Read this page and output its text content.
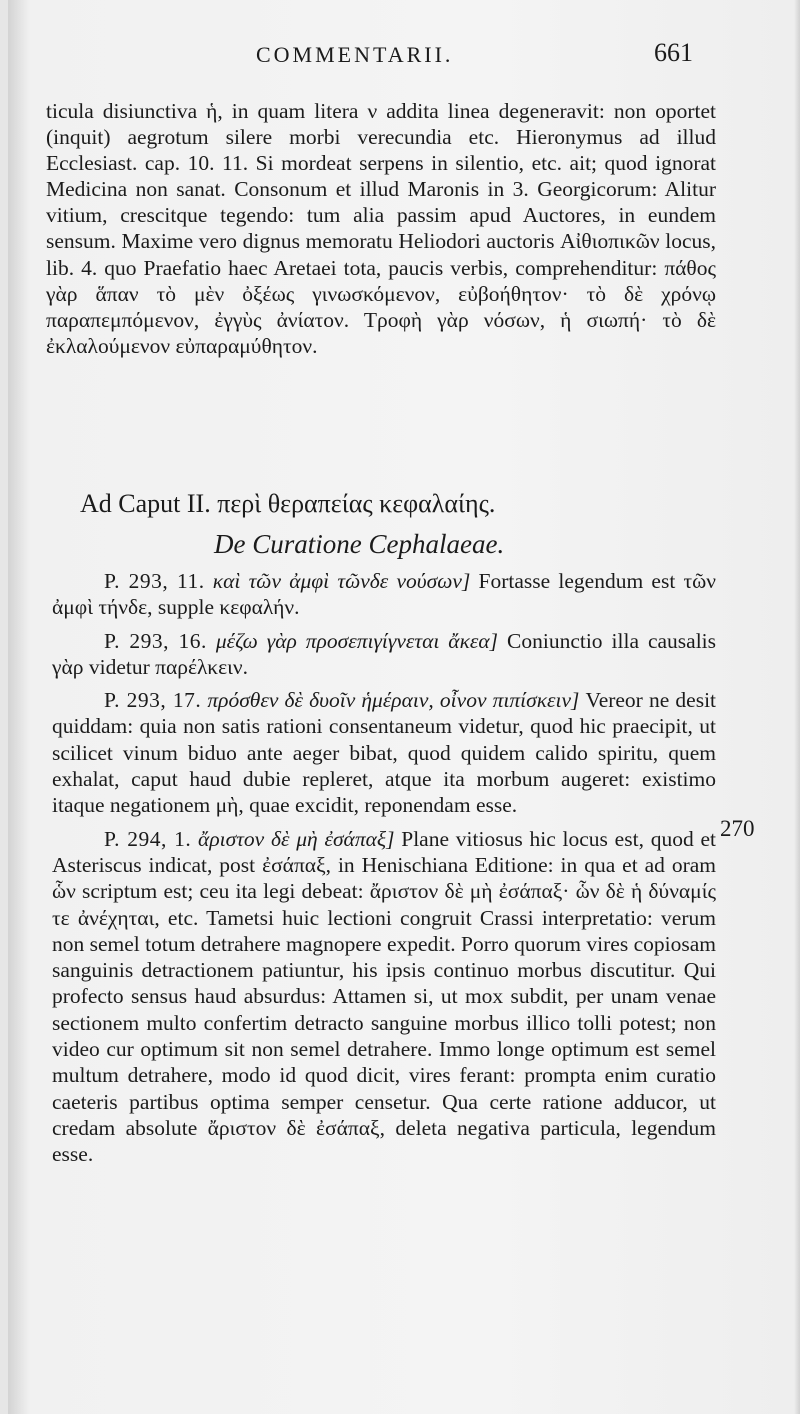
COMMENTARII.	661

ticula disiunctiva ἡ, in quam litera ν addita linea degeneravit: non oportet (inquit) aegrotum silere morbi verecundia etc. Hieronymus ad illud Ecclesiast. cap. 10. 11. Si mordeat serpens in silentio, etc. ait; quod ignorat Medicina non sanat. Consonum et illud Maronis in 3. Georgicorum: Alitur vitium, crescitque tegendo: tum alia passim apud Auctores, in eundem sensum. Maxime vero dignus memoratu Heliodori auctoris Αἰθιοπικῶν locus, lib. 4. quo Praefatio haec Aretaei tota, paucis verbis, comprehenditur: πάθος γὰρ ἅπαν τὸ μὲν ὀξέως γινωσκόμενον, εὐβοήθητον· τὸ δὲ χρόνῳ παραπεμπόμενον, ἐγγὺς ἀνίατον. Τροφὴ γὰρ νόσων, ἡ σιωπή· τὸ δὲ ἐκλαλούμενον εὐπαραμύθητον.

Ad Caput II. περὶ θεραπείας κεφαλαίης.
De Curatione Cephalaeae.

P. 293, 11. καὶ τῶν ἀμφὶ τῶνδε νούσων] Fortasse legendum est τῶν ἀμφὶ τήνδε, supple κεφαλήν.

P. 293, 16. μέζω γὰρ προσεπιγίγνεται ἄκεα] Coniunctio illa causalis γὰρ videtur παρέλκειν.

P. 293, 17. πρόσθεν δὲ δυοῖν ἡμέραιν, οἶνον πιπίσκειν] Vereor ne desit quiddam: quia non satis rationi consentaneum videtur, quod hic praecipit, ut scilicet vinum biduo ante aeger bibat, quod quidem calido spiritu, quem exhalat, caput haud dubie repleret, atque ita morbum augeret: existimo itaque negationem μὴ, quae excidit, reponendam esse.

P. 294, 1. ἄριστον δὲ μὴ ἐσάπαξ] Plane vitiosus hic locus est, quod et Asteriscus indicat, post ἐσάπαξ, in Henischiana Editione: in qua et ad oram ὧν scriptum est; ceu ita legi debeat: ἄριστον δὲ μὴ ἐσάπαξ· ὧν δὲ ἡ δύναμίς τε ἀνέχηται, etc. Tametsi huic lectioni congruit Crassi interpretatio: verum non semel totum detrahere magnopere expedit. Porro quorum vires copiosam sanguinis detractionem patiuntur, his ipsis continuo morbus discutitur. Qui profecto sensus haud absurdus: Attamen si, ut mox subdit, per unam venae sectionem multo confertim detracto sanguine morbus illico tolli potest; non video cur optimum sit non semel detrahere. Immo longe optimum est semel multum detrahere, modo id quod dicit, vires ferant: prompta enim curatio caeteris partibus optima semper censetur. Qua certe ratione adducor, ut credam absolute ἄριστον δὲ ἐσάπαξ, deleta negativa particula, legendum esse.

270
